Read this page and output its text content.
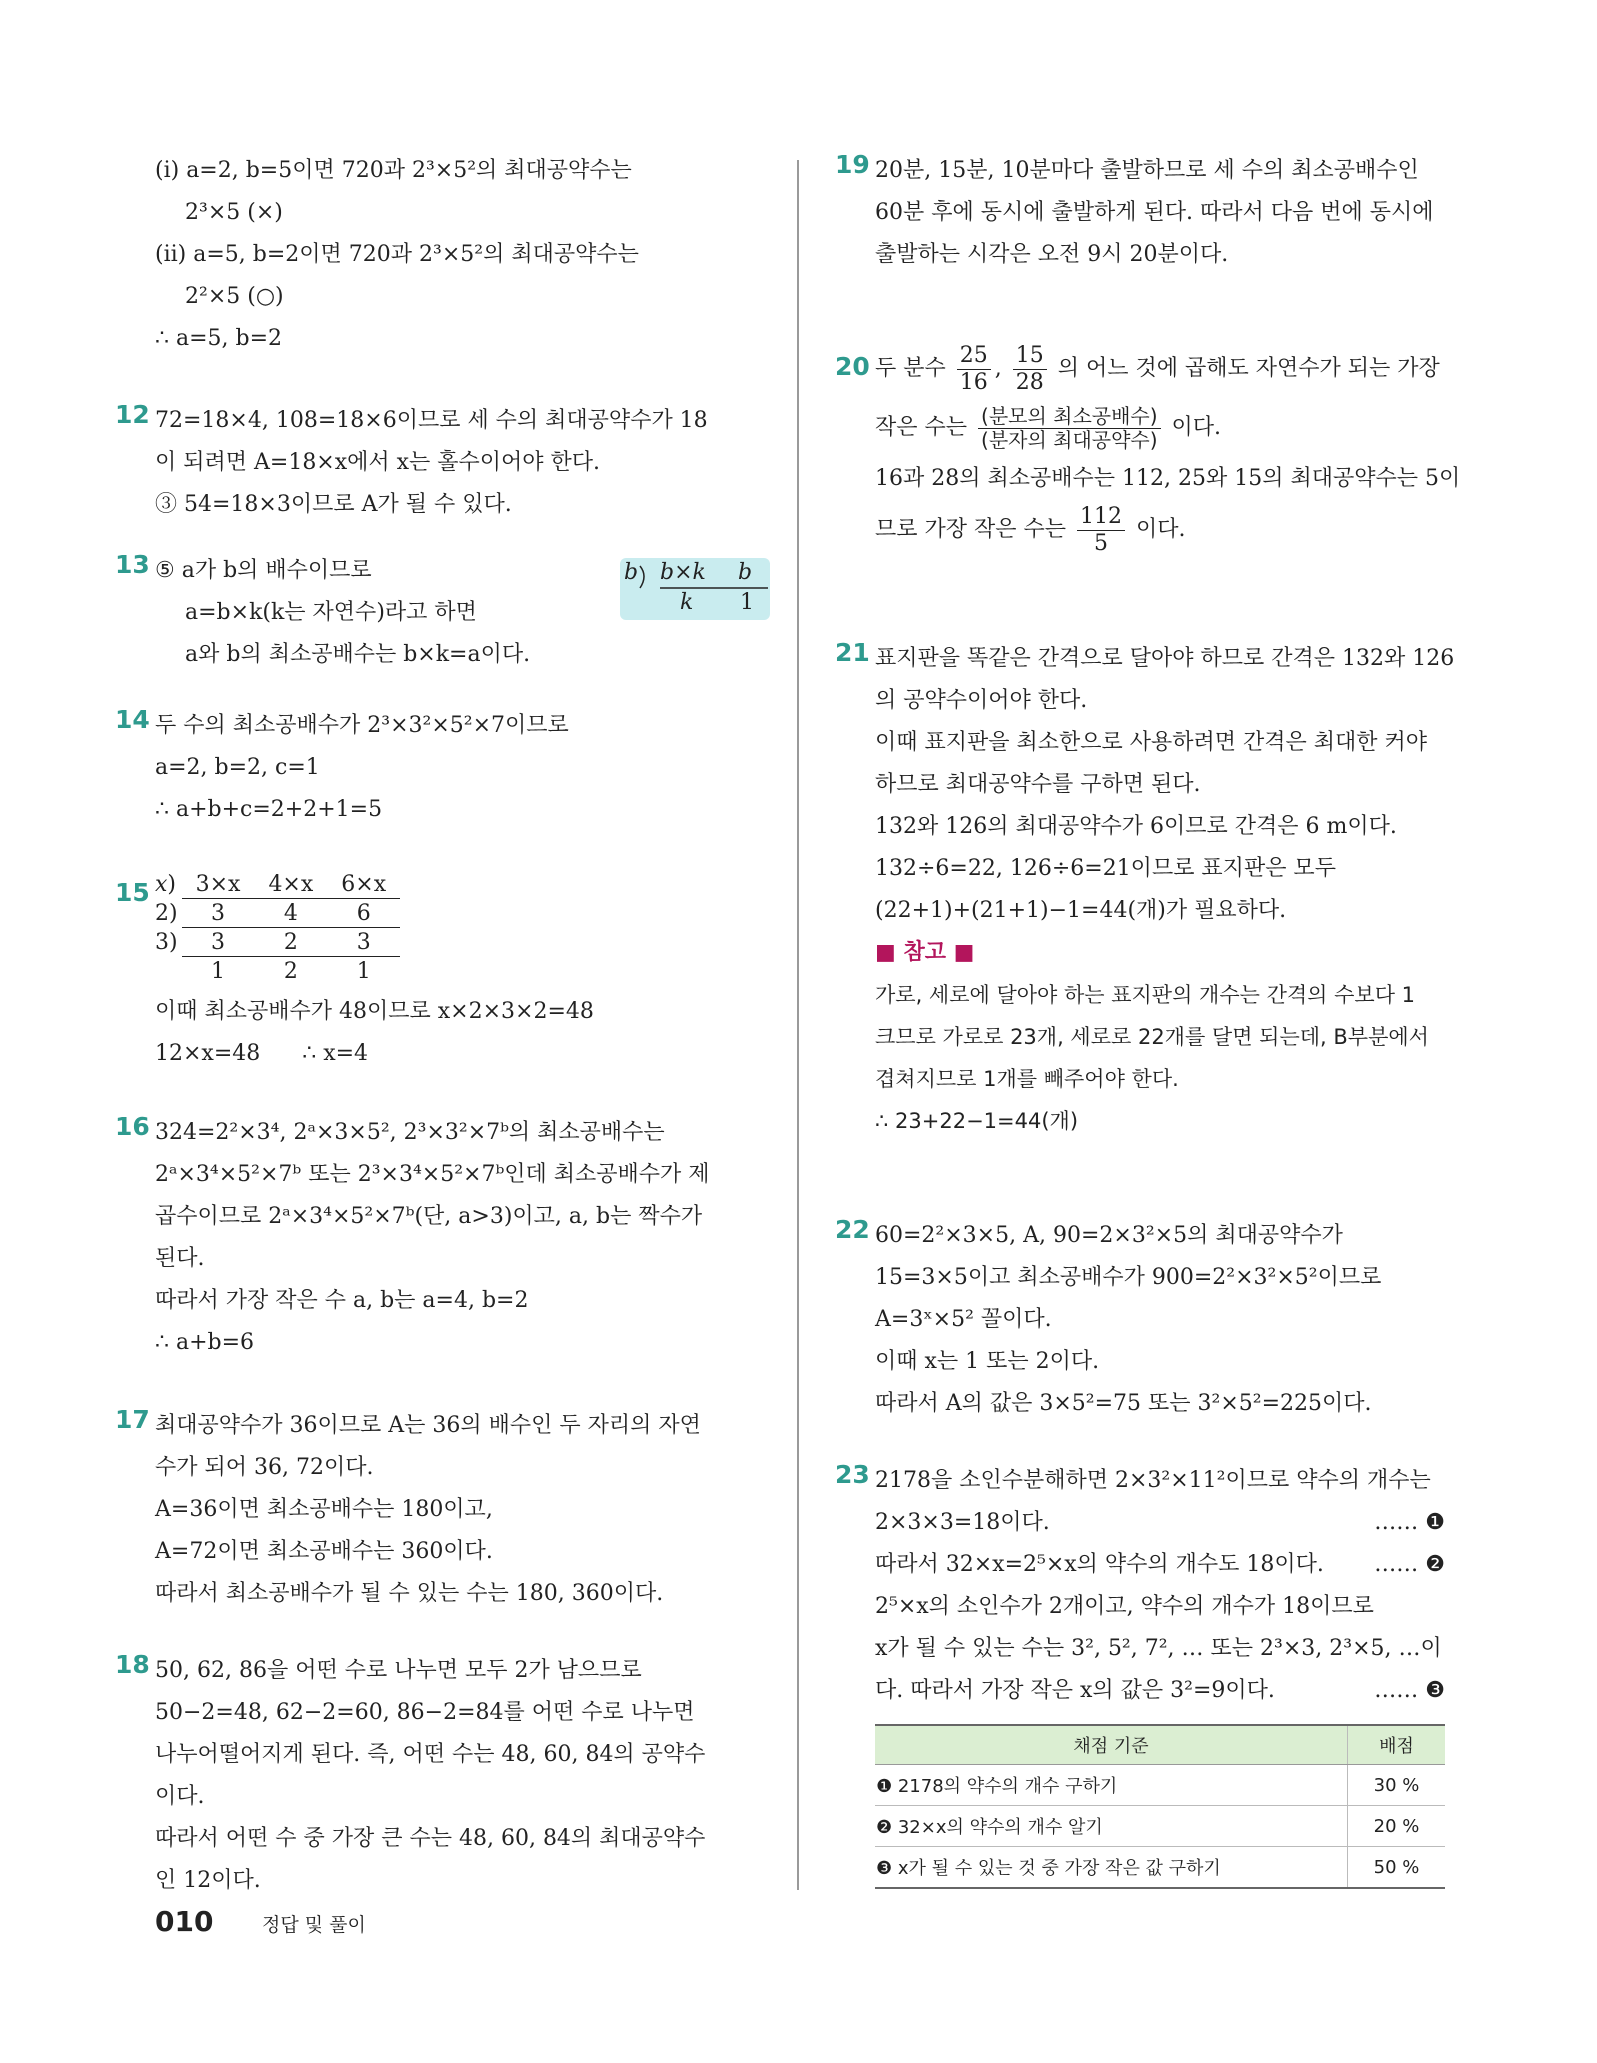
(ⅰ) a=2, b=5이면 720과 2³×5²의 최대공약수는
2³×5 (×)
(ⅱ) a=5, b=2이면 720과 2³×5²의 최대공약수는
2²×5 (○)
∴ a=5, b=2
12 72=18×4, 108=18×6이므로 세 수의 최대공약수가 18
이 되려면 A=18×x에서 x는 홀수이어야 한다.
③ 54=18×3이므로 A가 될 수 있다.
13 ⑤ a가 b의 배수이므로
a=b×k(k는 자연수)라고 하면
a와 b의 최소공배수는 b×k=a이다.
b b×k b
k 1
14 두 수의 최소공배수가 2³×3²×5²×7이므로
a=2, b=2, c=1
∴ a+b+c=2+2+1=5
15 x)	3×x	4×x	6×x
2)	3	4	6
3)	3	2	3
	1	2	1
이때 최소공배수가 48이므로 x×2×3×2=48
12×x=48      ∴ x=4
16 324=2²×3⁴, 2ᵃ×3×5², 2³×3²×7ᵇ의 최소공배수는
2ᵃ×3⁴×5²×7ᵇ 또는 2³×3⁴×5²×7ᵇ인데 최소공배수가 제
곱수이므로 2ᵃ×3⁴×5²×7ᵇ(단, a>3)이고, a, b는 짝수가
된다.
따라서 가장 작은 수 a, b는 a=4, b=2
∴ a+b=6
17 최대공약수가 36이므로 A는 36의 배수인 두 자리의 자연
수가 되어 36, 72이다.
A=36이면 최소공배수는 180이고,
A=72이면 최소공배수는 360이다.
따라서 최소공배수가 될 수 있는 수는 180, 360이다.
18 50, 62, 86을 어떤 수로 나누면 모두 2가 남으므로
50−2=48, 62−2=60, 86−2=84를 어떤 수로 나누면
나누어떨어지게 된다. 즉, 어떤 수는 48, 60, 84의 공약수
이다.
따라서 어떤 수 중 가장 큰 수는 48, 60, 84의 최대공약수
인 12이다.
19 20분, 15분, 10분마다 출발하므로 세 수의 최소공배수인
60분 후에 동시에 출발하게 된다. 따라서 다음 번에 동시에
출발하는 시각은 오전 9시 20분이다.
20 두 분수 $\frac{25}{16}$ , $\frac{15}{28}$ 의 어느 것에 곱해도 자연수가 되는 가장
작은 수는 $\frac{\text{(분모의 최소공배수)}}{\text{(분자의 최대공약수)}}$ 이다.
16과 28의 최소공배수는 112, 25와 15의 최대공약수는 5이
므로 가장 작은 수는 $\frac{112}{5}$ 이다.
21 표지판을 똑같은 간격으로 달아야 하므로 간격은 132와 126
의 공약수이어야 한다.
이때 표지판을 최소한으로 사용하려면 간격은 최대한 커야
하므로 최대공약수를 구하면 된다.
132와 126의 최대공약수가 6이므로 간격은 6 m이다.
132÷6=22, 126÷6=21이므로 표지판은 모두
(22+1)+(21+1)−1=44(개)가 필요하다.
■ 참고 ■
가로, 세로에 달아야 하는 표지판의 개수는 간격의 수보다 1
크므로 가로로 23개, 세로로 22개를 달면 되는데, B부분에서
겹쳐지므로 1개를 빼주어야 한다.
∴ 23+22−1=44(개)
22 60=2²×3×5, A, 90=2×3²×5의 최대공약수가
15=3×5이고 최소공배수가 900=2²×3²×5²이므로
A=3ˣ×5² 꼴이다.
이때 x는 1 또는 2이다.
따라서 A의 값은 3×5²=75 또는 3²×5²=225이다.
23 2178을 소인수분해하면 2×3²×11²이므로 약수의 개수는
2×3×3=18이다.	…… ❶
따라서 32×x=2⁵×x의 약수의 개수도 18이다. …… ❷
2⁵×x의 소인수가 2개이고, 약수의 개수가 18이므로
x가 될 수 있는 수는 3², 5², 7², … 또는 2³×3, 2³×5, …이
다. 따라서 가장 작은 x의 값은 3²=9이다.	…… ❸
채점 기준	배점
❶ 2178의 약수의 개수 구하기	30 %
❷ 32×x의 약수의 개수 알기	20 %
❸ x가 될 수 있는 것 중 가장 작은 값 구하기	50 %
010	정답 및 풀이
